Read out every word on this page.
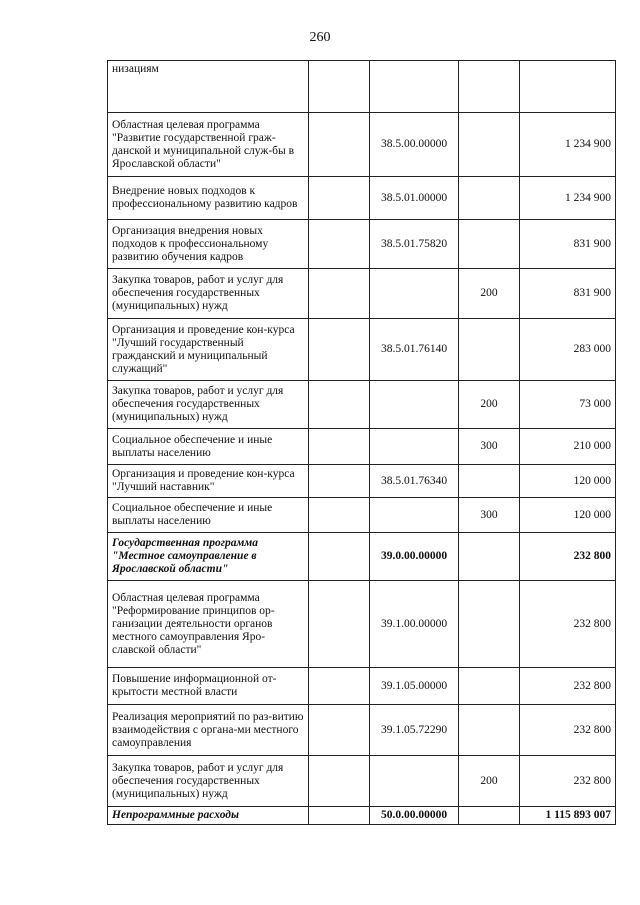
260
низациям				
Областная целевая программа "Развитие государственной граж-данской и муниципальной служ-бы в Ярославской области"		38.5.00.00000		1 234 900
Внедрение новых подходов к профессиональному развитию кадров		38.5.01.00000		1 234 900
Организация внедрения новых подходов к профессиональному развитию обучения кадров		38.5.01.75820		831 900
Закупка товаров, работ и услуг для обеспечения государственных (муниципальных) нужд			200	831 900
Организация и проведение кон-курса "Лучший государственный гражданский и муниципальный служащий"		38.5.01.76140		283 000
Закупка товаров, работ и услуг для обеспечения государственных (муниципальных) нужд			200	73 000
Социальное обеспечение и иные выплаты населению			300	210 000
Организация и проведение кон-курса "Лучший наставник"		38.5.01.76340		120 000
Социальное обеспечение и иные выплаты населению			300	120 000
Государственная программа "Местное самоуправление в Ярославской области"		39.0.00.00000		232 800
Областная целевая программа "Реформирование принципов ор-ганизации деятельности органов местного самоуправления Яро-славской области"		39.1.00.00000		232 800
Повышение информационной от-крытости местной власти		39.1.05.00000		232 800
Реализация мероприятий по раз-витию взаимодействия с органа-ми местного самоуправления		39.1.05.72290		232 800
Закупка товаров, работ и услуг для обеспечения государственных (муниципальных) нужд			200	232 800
Непрограммные расходы		50.0.00.00000		1 115 893 007
